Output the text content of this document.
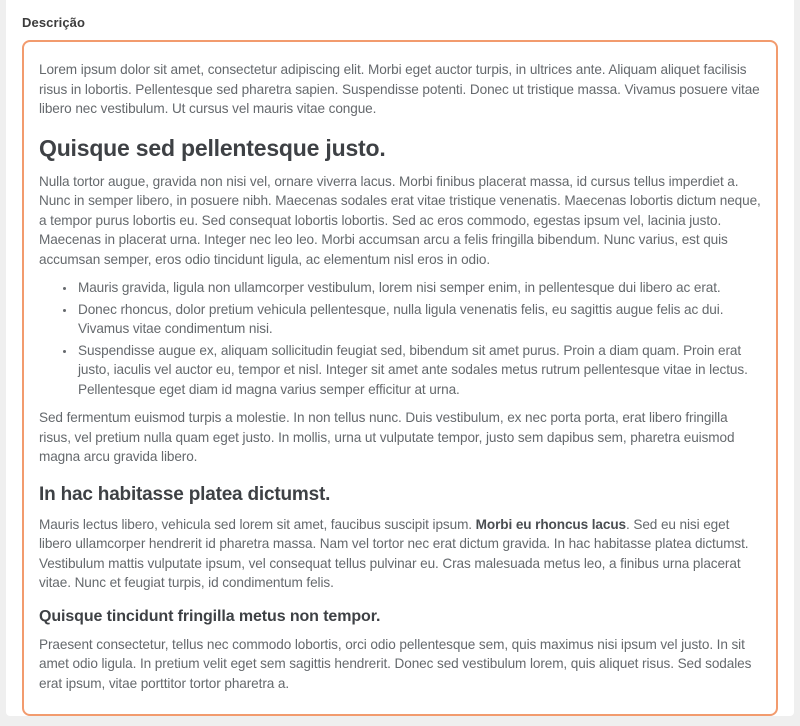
Descrição

Lorem ipsum dolor sit amet, consectetur adipiscing elit. Morbi eget auctor turpis, in ultrices ante. Aliquam aliquet facilisis risus in lobortis. Pellentesque sed pharetra sapien. Suspendisse potenti. Donec ut tristique massa. Vivamus posuere vitae libero nec vestibulum. Ut cursus vel mauris vitae congue.

Quisque sed pellentesque justo.

Nulla tortor augue, gravida non nisi vel, ornare viverra lacus. Morbi finibus placerat massa, id cursus tellus imperdiet a. Nunc in semper libero, in posuere nibh. Maecenas sodales erat vitae tristique venenatis. Maecenas lobortis dictum neque, a tempor purus lobortis eu. Sed consequat lobortis lobortis. Sed ac eros commodo, egestas ipsum vel, lacinia justo. Maecenas in placerat urna. Integer nec leo leo. Morbi accumsan arcu a felis fringilla bibendum. Nunc varius, est quis accumsan semper, eros odio tincidunt ligula, ac elementum nisl eros in odio.

• Mauris gravida, ligula non ullamcorper vestibulum, lorem nisi semper enim, in pellentesque dui libero ac erat.
• Donec rhoncus, dolor pretium vehicula pellentesque, nulla ligula venenatis felis, eu sagittis augue felis ac dui. Vivamus vitae condimentum nisi.
• Suspendisse augue ex, aliquam sollicitudin feugiat sed, bibendum sit amet purus. Proin a diam quam. Proin erat justo, iaculis vel auctor eu, tempor et nisl. Integer sit amet ante sodales metus rutrum pellentesque vitae in lectus. Pellentesque eget diam id magna varius semper efficitur at urna.

Sed fermentum euismod turpis a molestie. In non tellus nunc. Duis vestibulum, ex nec porta porta, erat libero fringilla risus, vel pretium nulla quam eget justo. In mollis, urna ut vulputate tempor, justo sem dapibus sem, pharetra euismod magna arcu gravida libero.

In hac habitasse platea dictumst.

Mauris lectus libero, vehicula sed lorem sit amet, faucibus suscipit ipsum. Morbi eu rhoncus lacus. Sed eu nisi eget libero ullamcorper hendrerit id pharetra massa. Nam vel tortor nec erat dictum gravida. In hac habitasse platea dictumst. Vestibulum mattis vulputate ipsum, vel consequat tellus pulvinar eu. Cras malesuada metus leo, a finibus urna placerat vitae. Nunc et feugiat turpis, id condimentum felis.

Quisque tincidunt fringilla metus non tempor.

Praesent consectetur, tellus nec commodo lobortis, orci odio pellentesque sem, quis maximus nisi ipsum vel justo. In sit amet odio ligula. In pretium velit eget sem sagittis hendrerit. Donec sed vestibulum lorem, quis aliquet risus. Sed sodales erat ipsum, vitae porttitor tortor pharetra a.
